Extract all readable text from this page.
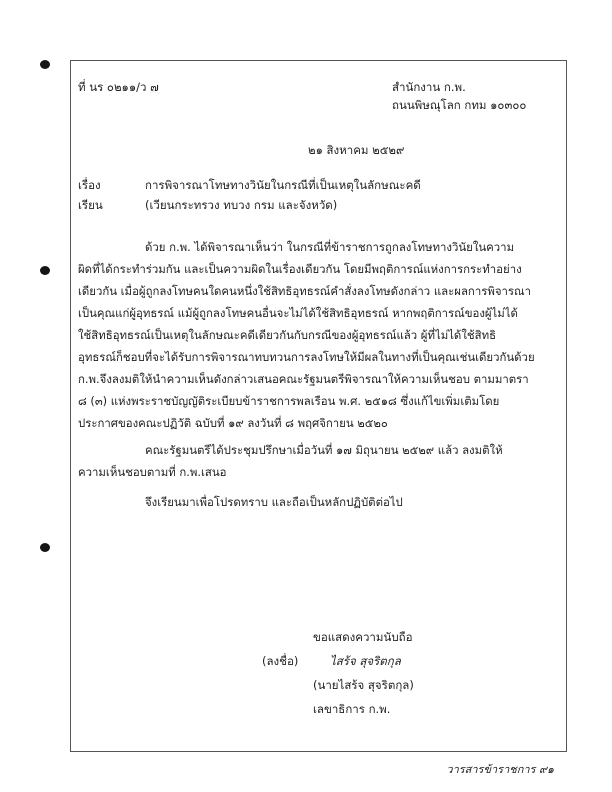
ที่ นร ๐๒๑๑/ว ๗	สำนักงาน ก.พ.
ถนนพิษณุโลก กทม ๑๐๓๐๐
๒๑ สิงหาคม ๒๕๒๙
เรื่อง	การพิจารณาโทษทางวินัยในกรณีที่เป็นเหตุในลักษณะคดี
เรียน	(เวียนกระทรวง ทบวง กรม และจังหวัด)
ด้วย ก.พ. ได้พิจารณาเห็นว่า ในกรณีที่ข้าราชการถูกลงโทษทางวินัยในความ
ผิดที่ได้กระทำร่วมกัน และเป็นความผิดในเรื่องเดียวกัน โดยมีพฤติการณ์แห่งการกระทำอย่าง
เดียวกัน เมื่อผู้ถูกลงโทษคนใดคนหนึ่งใช้สิทธิอุทธรณ์คำสั่งลงโทษดังกล่าว และผลการพิจารณา
เป็นคุณแก่ผู้อุทธรณ์ แม้ผู้ถูกลงโทษคนอื่นจะไม่ได้ใช้สิทธิอุทธรณ์ หากพฤติการณ์ของผู้ไม่ได้
ใช้สิทธิอุทธรณ์เป็นเหตุในลักษณะคดีเดียวกันกับกรณีของผู้อุทธรณ์แล้ว ผู้ที่ไม่ได้ใช้สิทธิ
อุทธรณ์ก็ชอบที่จะได้รับการพิจารณาทบทวนการลงโทษให้มีผลในทางที่เป็นคุณเช่นเดียวกันด้วย
ก.พ.จึงลงมติให้นำความเห็นดังกล่าวเสนอคณะรัฐมนตรีพิจารณาให้ความเห็นชอบ ตามมาตรา
๘ (๓) แห่งพระราชบัญญัติระเบียบข้าราชการพลเรือน พ.ศ. ๒๕๑๘ ซึ่งแก้ไขเพิ่มเติมโดย
ประกาศของคณะปฏิวัติ ฉบับที่ ๑๙ ลงวันที่ ๘ พฤศจิกายน ๒๕๒๐
คณะรัฐมนตรีได้ประชุมปรึกษาเมื่อวันที่ ๑๗ มิถุนายน ๒๕๒๙ แล้ว ลงมติให้
ความเห็นชอบตามที่ ก.พ.เสนอ
จึงเรียนมาเพื่อโปรดทราบ และถือเป็นหลักปฏิบัติต่อไป
ขอแสดงความนับถือ
(ลงชื่อ)	ไสร้จ สุจริตกุล
(นายไสร้จ สุจริตกุล)
เลขาธิการ ก.พ.
วารสารข้าราชการ ๙๑
